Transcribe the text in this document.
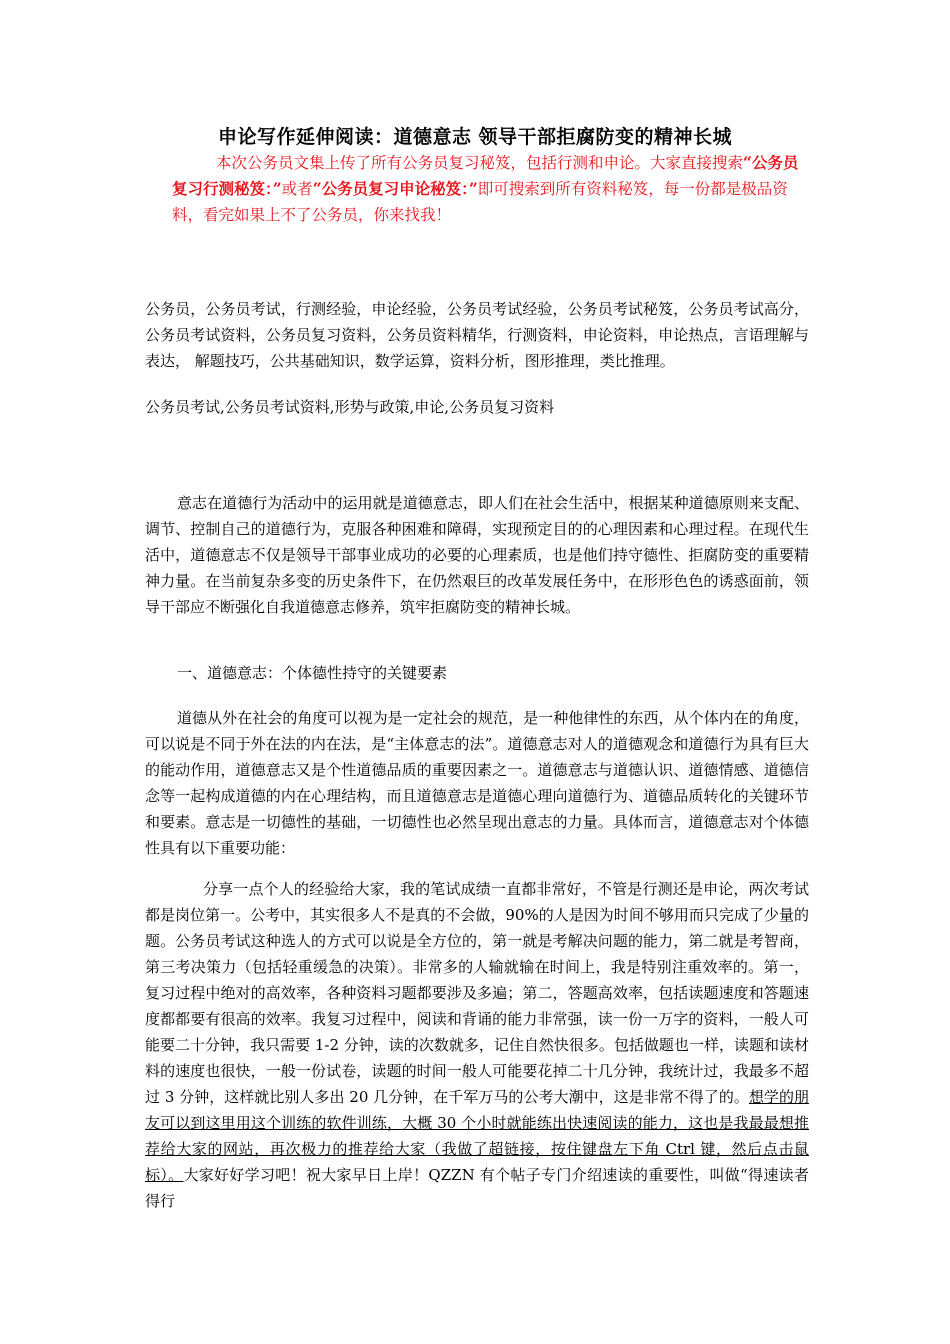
申论写作延伸阅读：道德意志 领导干部拒腐防变的精神长城
本次公务员文集上传了所有公务员复习秘笈，包括行测和申论。大家直接搜索“公务员复习行测秘笈：”或者“公务员复习申论秘笈：”即可搜索到所有资料秘笈，每一份都是极品资料，看完如果上不了公务员，你来找我！
公务员，公务员考试，行测经验，申论经验，公务员考试经验，公务员考试秘笈，公务员考试高分，公务员考试资料，公务员复习资料，公务员资料精华，行测资料，申论资料，申论热点，言语理解与表达， 解题技巧，公共基础知识，数学运算，资料分析，图形推理，类比推理。
公务员考试,公务员考试资料,形势与政策,申论,公务员复习资料
意志在道德行为活动中的运用就是道德意志，即人们在社会生活中，根据某种道德原则来支配、调节、控制自己的道德行为，克服各种困难和障碍，实现预定目的的心理因素和心理过程。在现代生活中，道德意志不仅是领导干部事业成功的必要的心理素质，也是他们持守德性、拒腐防变的重要精神力量。在当前复杂多变的历史条件下，在仍然艰巨的改革发展任务中，在形形色色的诱惑面前，领导干部应不断强化自我道德意志修养，筑牢拒腐防变的精神长城。
一、道德意志：个体德性持守的关键要素
道德从外在社会的角度可以视为是一定社会的规范，是一种他律性的东西，从个体内在的角度，可以说是不同于外在法的内在法，是“主体意志的法”。道德意志对人的道德观念和道德行为具有巨大的能动作用，道德意志又是个性道德品质的重要因素之一。道德意志与道德认识、道德情感、道德信念等一起构成道德的内在心理结构，而且道德意志是道德心理向道德行为、道德品质转化的关键环节和要素。意志是一切德性的基础，一切德性也必然呈现出意志的力量。具体而言，道德意志对个体德性具有以下重要功能：
分享一点个人的经验给大家，我的笔试成绩一直都非常好，不管是行测还是申论，两次考试都是岗位第一。公考中，其实很多人不是真的不会做，90%的人是因为时间不够用而只完成了少量的题。公务员考试这种选人的方式可以说是全方位的，第一就是考解决问题的能力，第二就是考智商，第三考决策力（包括轻重缓急的决策）。非常多的人输就输在时间上，我是特别注重效率的。第一，复习过程中绝对的高效率，各种资料习题都要涉及多遍；第二，答题高效率，包括读题速度和答题速度都都要有很高的效率。我复习过程中，阅读和背诵的能力非常强，读一份一万字的资料，一般人可能要二十分钟，我只需要 1-2 分钟，读的次数就多，记住自然快很多。包括做题也一样，读题和读材料的速度也很快，一般一份试卷，读题的时间一般人可能要花掉二十几分钟，我统计过，我最多不超过 3 分钟，这样就比别人多出 20 几分钟，在千军万马的公考大潮中，这是非常不得了的。想学的朋友可以到这里用这个训练的软件训练，大概 30 个小时就能练出快速阅读的能力，这也是我最最想推荐给大家的网站，再次极力的推荐给大家（我做了超链接，按住键盘左下角 Ctrl 键，然后点击鼠标）。大家好好学习吧！祝大家早日上岸！QZZN 有个帖子专门介绍速读的重要性，叫做“得速读者得行
